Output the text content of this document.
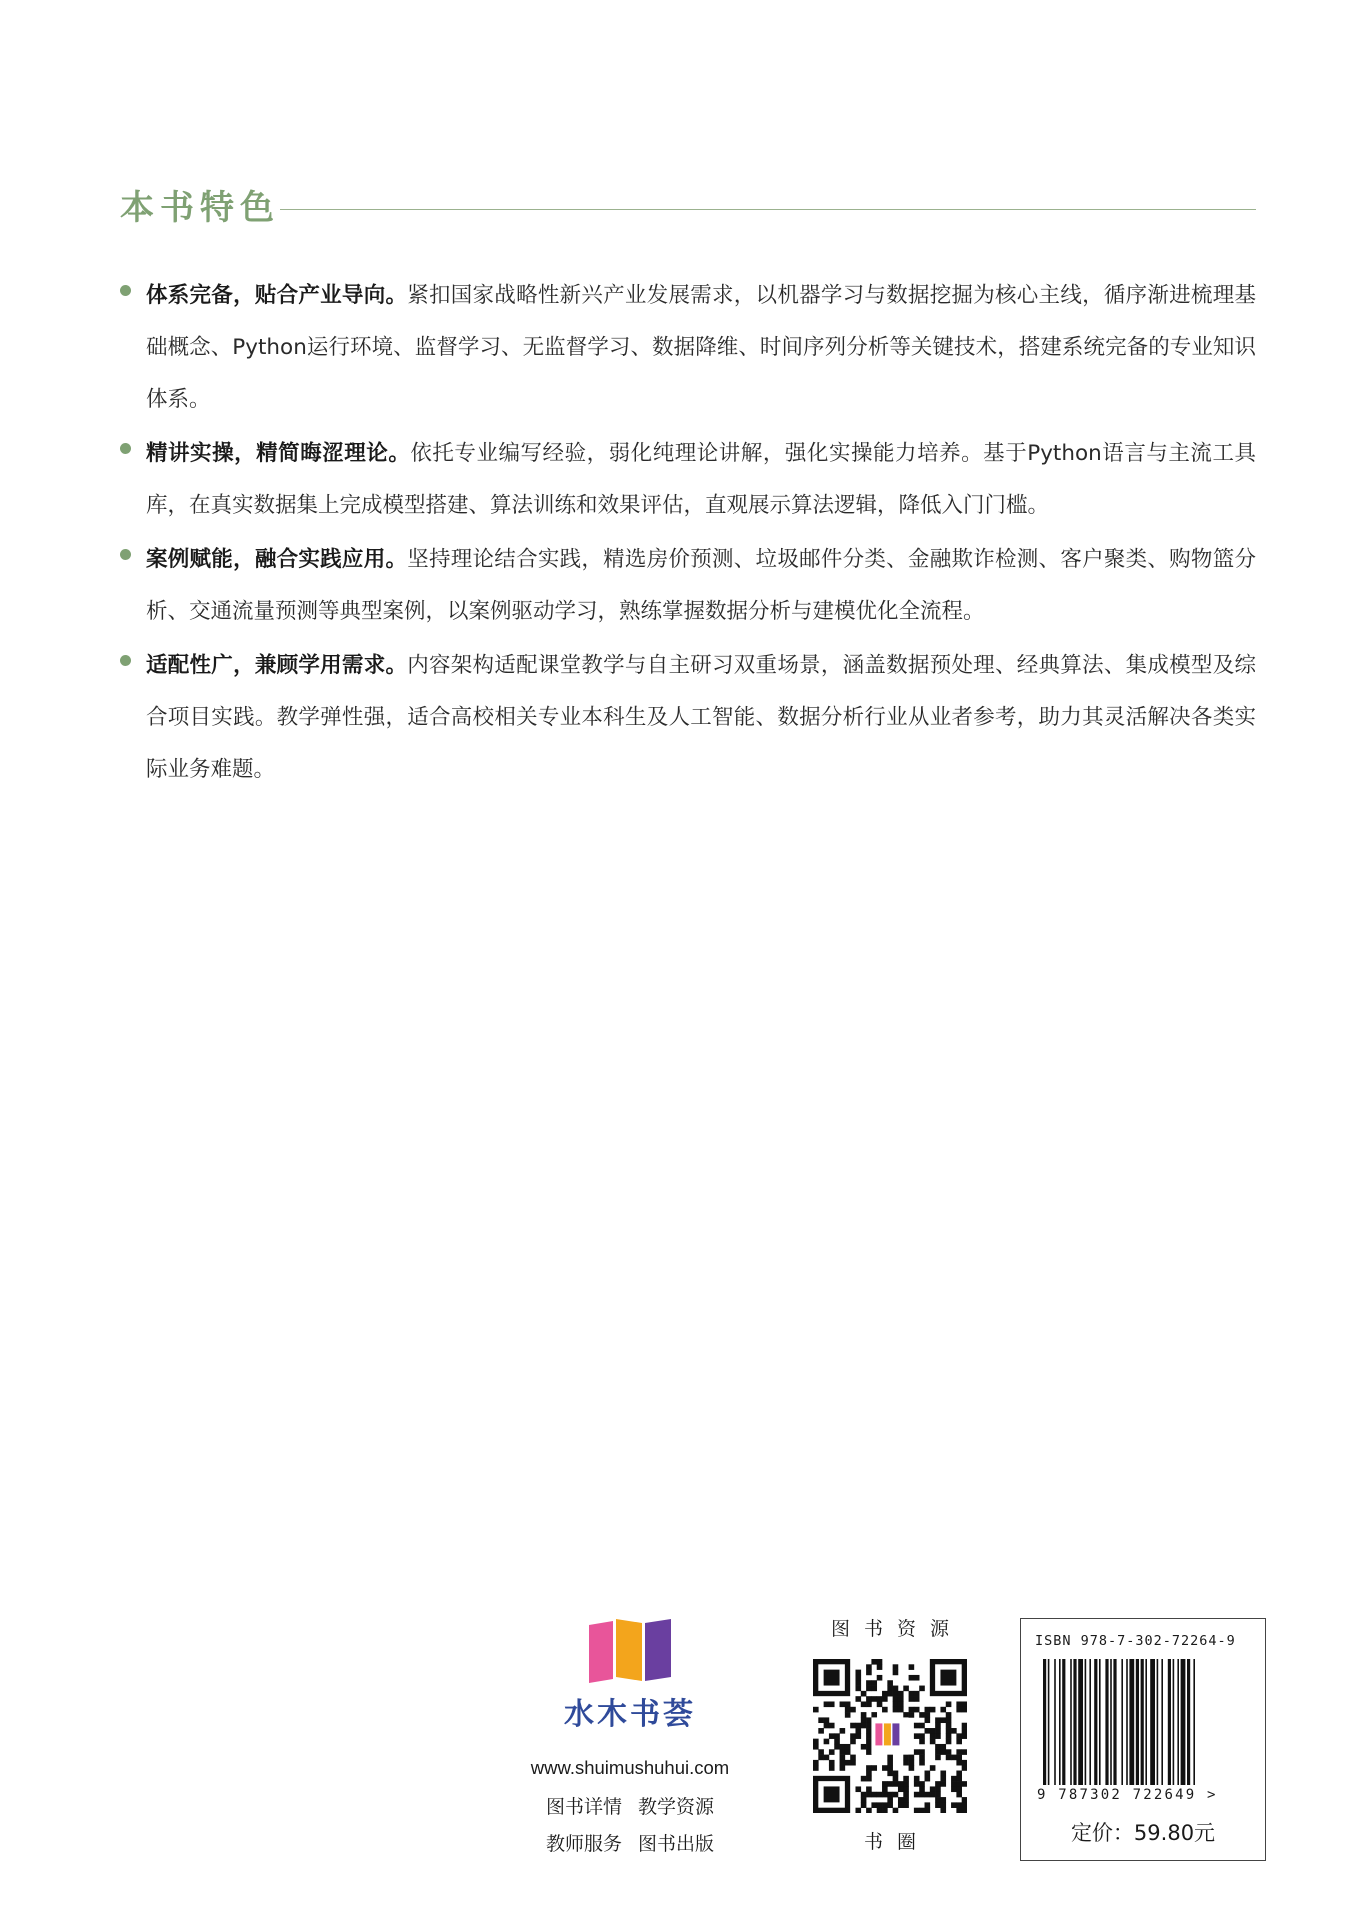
本书特色
体系完备，贴合产业导向。紧扣国家战略性新兴产业发展需求，以机器学习与数据挖掘为核心主线，循序渐进梳理基础概念、Python运行环境、监督学习、无监督学习、数据降维、时间序列分析等关键技术，搭建系统完备的专业知识体系。
精讲实操，精简晦涩理论。依托专业编写经验，弱化纯理论讲解，强化实操能力培养。基于Python语言与主流工具库，在真实数据集上完成模型搭建、算法训练和效果评估，直观展示算法逻辑，降低入门门槛。
案例赋能，融合实践应用。坚持理论结合实践，精选房价预测、垃圾邮件分类、金融欺诈检测、客户聚类、购物篮分析、交通流量预测等典型案例，以案例驱动学习，熟练掌握数据分析与建模优化全流程。
适配性广，兼顾学用需求。内容架构适配课堂教学与自主研习双重场景，涵盖数据预处理、经典算法、集成模型及综合项目实践。教学弹性强，适合高校相关专业本科生及人工智能、数据分析行业从业者参考，助力其灵活解决各类实际业务难题。
水木书荟
www.shuimushuhui.com
图书详情 教学资源
教师服务 图书出版
图书资源
书圈
ISBN 978-7-302-72264-9
9 787302 722649 >
定价：59.80元
